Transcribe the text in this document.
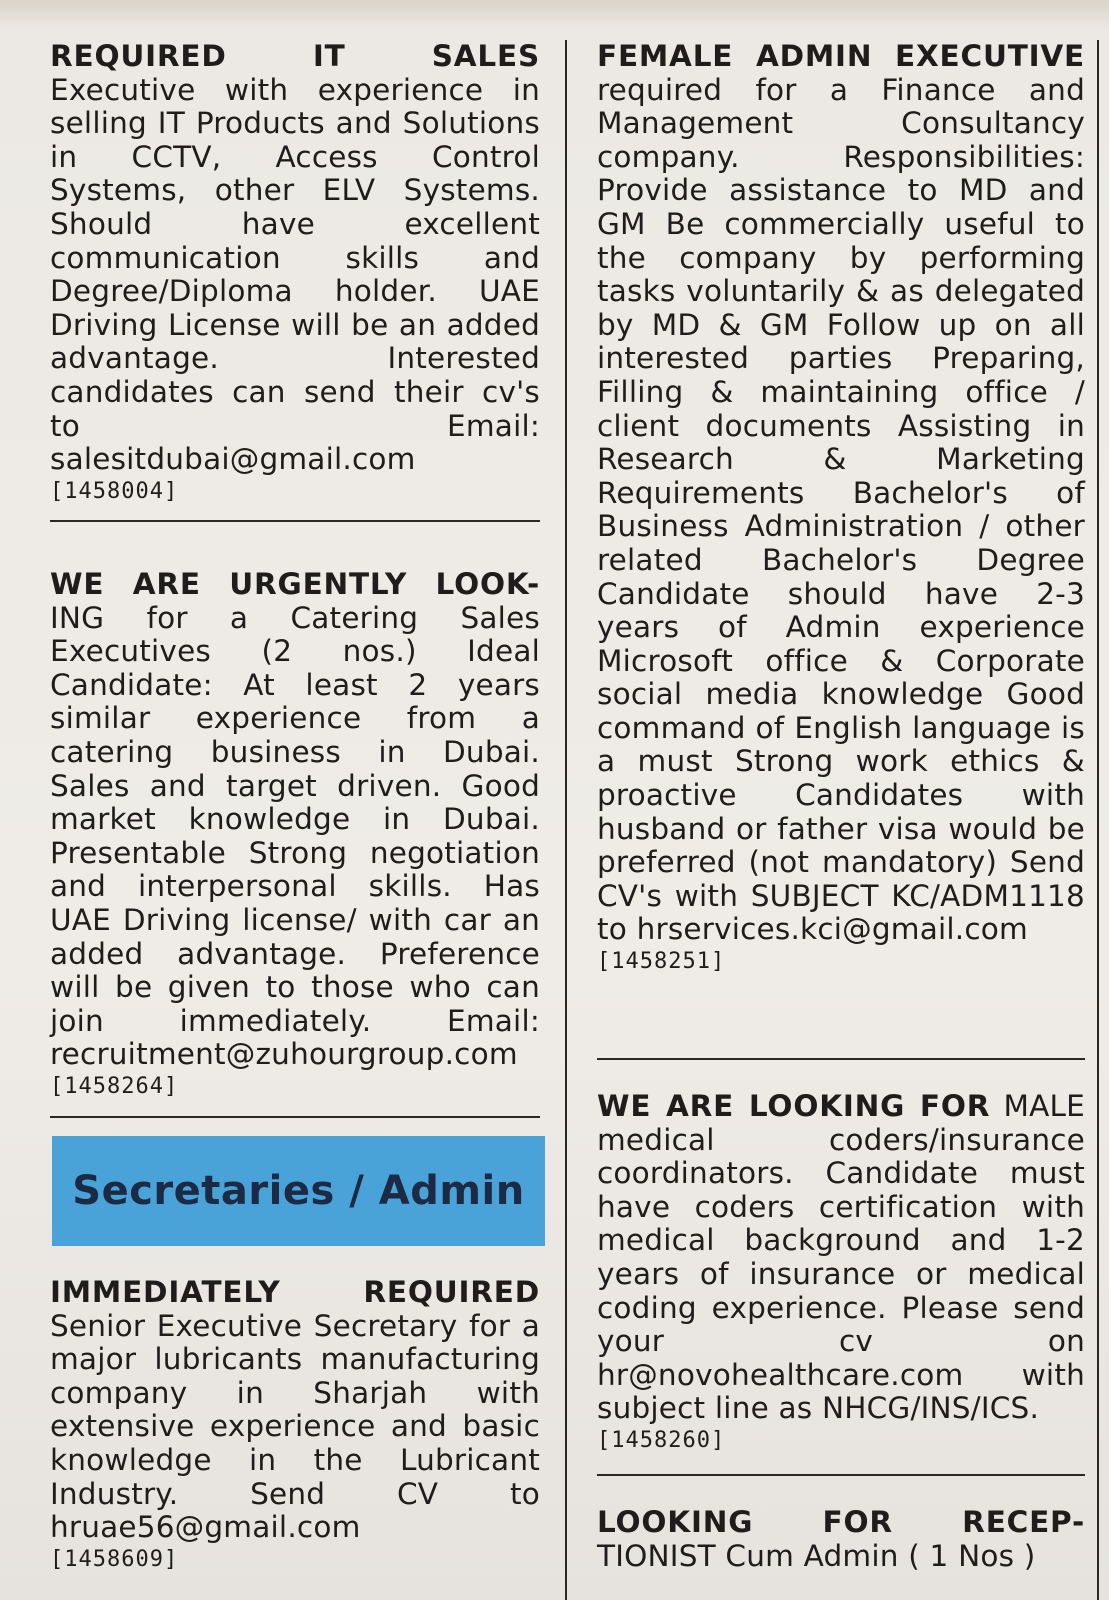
REQUIRED IT SALES Executive with experience in selling IT Products and Solutions in CCTV, Access Control Systems, other ELV Systems. Should have excellent communication skills and Degree/Diploma holder. UAE Driving License will be an added advantage. Interested candidates can send their cv's to Email: salesitdubai@gmail.com
[1458004]
WE ARE URGENTLY LOOK- ING for a Catering Sales Executives (2 nos.) Ideal Candidate: At least 2 years similar experience from a catering business in Dubai. Sales and target driven. Good market knowledge in Dubai. Presentable Strong negotiation and interpersonal skills. Has UAE Driving license/ with car an added advantage. Preference will be given to those who can join immediately. Email: recruitment@zuhourgroup.com
[1458264]
Secretaries / Admin
IMMEDIATELY REQUIRED Senior Executive Secretary for a major lubricants manufacturing company in Sharjah with extensive experience and basic knowledge in the Lubricant Industry. Send CV to hruae56@gmail.com
[1458609]
FEMALE ADMIN EXECUTIVE required for a Finance and Management Consultancy company. Responsibilities: Provide assistance to MD and GM Be commercially useful to the company by performing tasks voluntarily & as delegated by MD & GM Follow up on all interested parties Preparing, Filling & maintaining office / client documents Assisting in Research & Marketing Requirements Bachelor's of Business Administration / other related Bachelor's Degree Candidate should have 2-3 years of Admin experience Microsoft office & Corporate social media knowledge Good command of English language is a must Strong work ethics & proactive Candidates with husband or father visa would be preferred (not mandatory) Send CV's with SUBJECT KC/ADM1118 to hrservices.kci@gmail.com
[1458251]
WE ARE LOOKING FOR MALE medical coders/insurance coordinators. Candidate must have coders certification with medical background and 1-2 years of insurance or medical coding experience. Please send your cv on hr@novohealthcare.com with subject line as NHCG/INS/ICS.
[1458260]
LOOKING FOR RECEP- TIONIST Cum Admin ( 1 Nos )
